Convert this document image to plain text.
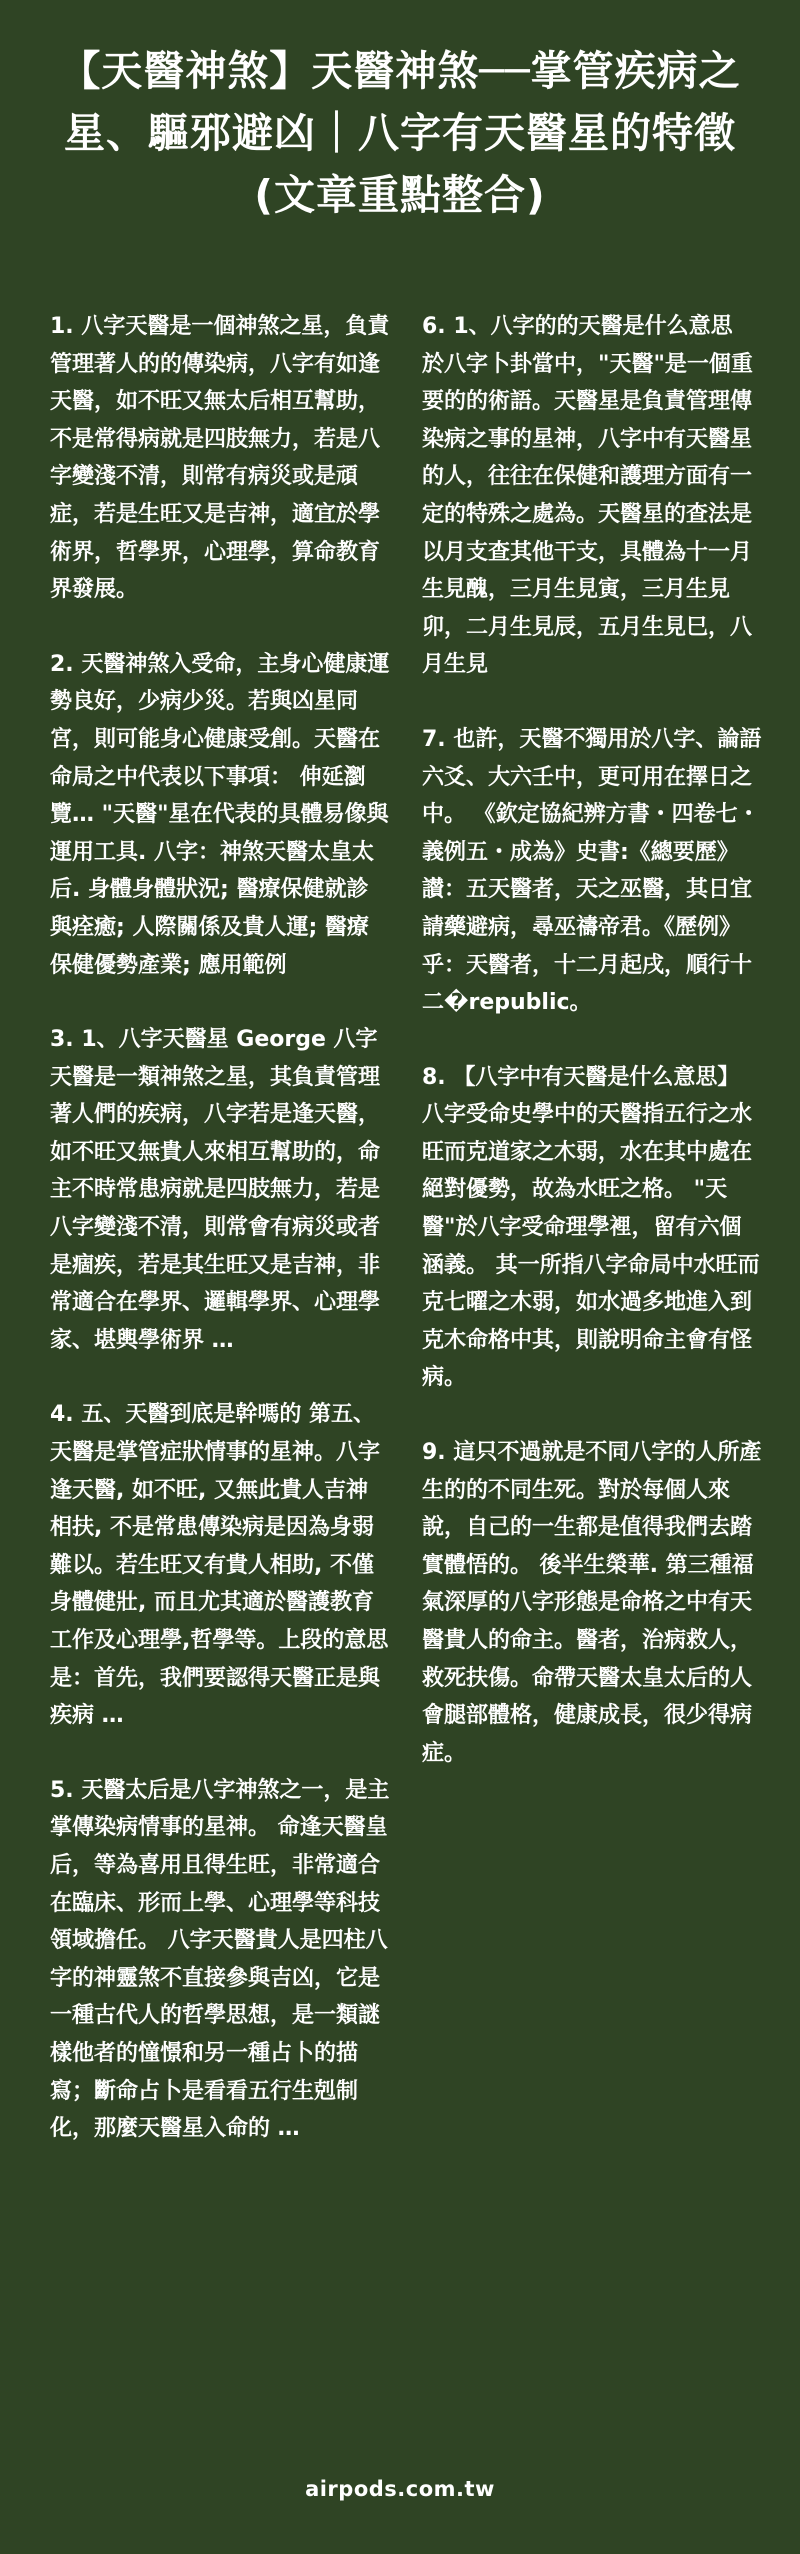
【天醫神煞】天醫神煞──掌管疾病之星、驅邪避凶｜八字有天醫星的特徵 (文章重點整合)

1. 八字天醫是一個神煞之星，負責管理著人的的傳染病，八字有如逢天醫，如不旺又無太后相互幫助，不是常得病就是四肢無力，若是八字變淺不清，則常有病災或是頑症，若是生旺又是吉神，適宜於學術界，哲學界，心理學，算命教育界發展。

2. 天醫神煞入受命，主身心健康運勢良好，少病少災。若與凶星同宮，則可能身心健康受創。天醫在命局之中代表以下事項： 伸延瀏覽… "天醫"星在代表的具體易像與運用工具. 八字：神煞天醫太皇太后. 身體身體狀況; 醫療保健就診與痊癒; 人際關係及貴人運; 醫療保健優勢產業; 應用範例

3. 1、八字天醫星 George 八字天醫是一類神煞之星，其負責管理著人們的疾病，八字若是逢天醫，如不旺又無貴人來相互幫助的，命主不時常患病就是四肢無力，若是八字變淺不清，則常會有病災或者是痼疾，若是其生旺又是吉神，非常適合在學界、邏輯學界、心理學家、堪輿學術界 …

4. 五、天醫到底是幹嗎的 第五、天醫是掌管症狀情事的星神。八字逢天醫, 如不旺, 又無此貴人吉神相扶, 不是常患傳染病是因為身弱難以。若生旺又有貴人相助, 不僅身體健壯, 而且尤其適於醫護教育工作及心理學,哲學等。上段的意思是：首先，我們要認得天醫正是與疾病 …

5. 天醫太后是八字神煞之一，是主掌傳染病情事的星神。 命逢天醫皇后，等為喜用且得生旺，非常適合在臨床、形而上學、心理學等科技領域擔任。 八字天醫貴人是四柱八字的神靈煞不直接參與吉凶，它是一種古代人的哲學思想，是一類謎樣他者的憧憬和另一種占卜的描寫；斷命占卜是看看五行生剋制化，那麼天醫星入命的 …

6. 1、八字的的天醫是什么意思 於八字卜卦當中，"天醫"是一個重要的的術語。天醫星是負責管理傳染病之事的星神，八字中有天醫星的人，往往在保健和護理方面有一定的特殊之處為。天醫星的查法是以月支查其他干支，具體為十一月生見醜，三月生見寅，三月生見卯，二月生見辰，五月生見巳，八月生見

7. 也許，天醫不獨用於八字、論語六爻、大六壬中，更可用在擇日之中。 《欽定協紀辨方書・四卷七・義例五・成為》史書:《總要歷》讃：五天醫者，天之巫醫，其日宜請藥避病，尋巫禱帝君。《歷例》乎：天醫者，十二月起戌，順行十二�republic。

8. 【八字中有天醫是什么意思】 八字受命史學中的天醫指五行之水旺而克道家之木弱，水在其中處在絕對優勢，故為水旺之格。 "天醫"於八字受命理學裡，留有六個涵義。 其一所指八字命局中水旺而克七曜之木弱，如水過多地進入到克木命格中其，則說明命主會有怪病。

9. 這只不過就是不同八字的人所產生的的不同生死。對於每個人來說，自己的一生都是值得我們去踏實體悟的。 後半生榮華. 第三種福氣深厚的八字形態是命格之中有天醫貴人的命主。醫者，治病救人，救死扶傷。命帶天醫太皇太后的人會腿部體格，健康成長，很少得病症。

airpods.com.tw
